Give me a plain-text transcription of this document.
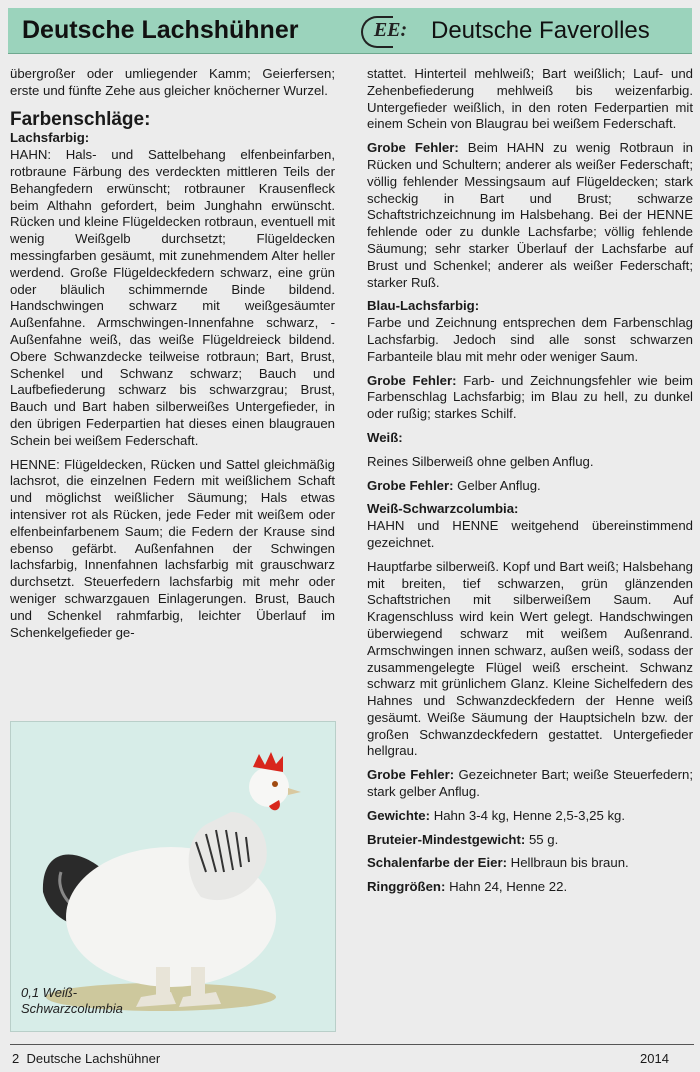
Deutsche Lachshühner	EE: Deutsche Faverolles

übergroßer oder umliegender Kamm; Geierfersen; erste und fünfte Zehe aus gleicher knöcherner Wurzel.

Farbenschläge:

Lachsfarbig:

HAHN: Hals- und Sattelbehang elfenbeinfarben, rotbraune Färbung des verdeckten mittleren Teils der Behangfedern erwünscht; rotbrauner Krausenfleck beim Althahn gefordert, beim Junghahn erwünscht. Rücken und kleine Flügeldecken rotbraun, eventuell mit wenig Weißgelb durchsetzt; Flügeldecken messingfarben gesäumt, mit zunehmendem Alter heller werdend. Große Flügeldeckfedern schwarz, eine grün oder bläulich schimmernde Binde bildend. Handschwingen schwarz mit weißgesäumter Außenfahne. Armschwingen-Innenfahne schwarz, -Außenfahne weiß, das weiße Flügeldreieck bildend. Obere Schwanzdecke teilweise rotbraun; Bart, Brust, Schenkel und Schwanz schwarz; Bauch und Laufbefiederung schwarz bis schwarzgrau; Brust, Bauch und Bart haben silberweißes Untergefieder, in den übrigen Federpartien hat dieses einen blaugrauen Schein bei weißem Federschaft.

HENNE: Flügeldecken, Rücken und Sattel gleichmäßig lachsrot, die einzelnen Federn mit weißlichem Schaft und möglichst weißlicher Säumung; Hals etwas intensiver rot als Rücken, jede Feder mit weißem oder elfenbeinfarbenem Saum; die Federn der Krause sind ebenso gefärbt. Außenfahnen der Schwingen lachsfarbig, Innenfahnen lachsfarbig mit grauschwarz durchsetzt. Steuerfedern lachsfarbig mit mehr oder weniger schwarzgauen Einlagerungen. Brust, Bauch und Schenkel rahmfarbig, leichter Überlauf im Schenkelgefieder ge-

0,1 Weiß-
Schwarzcolumbia

stattet. Hinterteil mehlweiß; Bart weißlich; Lauf- und Zehenbefiederung mehlweiß bis weizenfarbig. Untergefieder weißlich, in den roten Federpartien mit einem Schein von Blaugrau bei weißem Federschaft.

Grobe Fehler: Beim HAHN zu wenig Rotbraun in Rücken und Schultern; anderer als weißer Federschaft; völlig fehlender Messingsaum auf Flügeldecken; stark scheckig in Bart und Brust; schwarze Schaftstrichzeichnung im Halsbehang. Bei der HENNE fehlende oder zu dunkle Lachsfarbe; völlig fehlende Säumung; sehr starker Überlauf der Lachsfarbe auf Brust und Schenkel; anderer als weißer Federschaft; starker Ruß.

Blau-Lachsfarbig:

Farbe und Zeichnung entsprechen dem Farbenschlag Lachsfarbig. Jedoch sind alle sonst schwarzen Farbanteile blau mit mehr oder weniger Saum.

Grobe Fehler: Farb- und Zeichnungsfehler wie beim Farbenschlag Lachsfarbig; im Blau zu hell, zu dunkel oder rußig; starkes Schilf.

Weiß:

Reines Silberweiß ohne gelben Anflug.

Grobe Fehler: Gelber Anflug.

Weiß-Schwarzcolumbia:

HAHN und HENNE weitgehend übereinstimmend gezeichnet.

Hauptfarbe silberweiß. Kopf und Bart weiß; Halsbehang mit breiten, tief schwarzen, grün glänzenden Schaftstrichen mit silberweißem Saum. Auf Kragenschluss wird kein Wert gelegt. Handschwingen überwiegend schwarz mit weißem Außenrand. Armschwingen innen schwarz, außen weiß, sodass der zusammengelegte Flügel weiß erscheint. Schwanz schwarz mit grünlichem Glanz. Kleine Sichelfedern des Hahnes und Schwanzdeckfedern der Henne weiß gesäumt. Weiße Säumung der Hauptsicheln bzw. der großen Schwanzdeckfedern gestattet. Untergefieder hellgrau.

Grobe Fehler: Gezeichneter Bart; weiße Steuerfedern; stark gelber Anflug.

Gewichte: Hahn 3-4 kg, Henne 2,5-3,25 kg.

Bruteier-Mindestgewicht: 55 g.

Schalenfarbe der Eier: Hellbraun bis braun.

Ringgrößen: Hahn 24, Henne 22.

2 Deutsche Lachshühner	2014
